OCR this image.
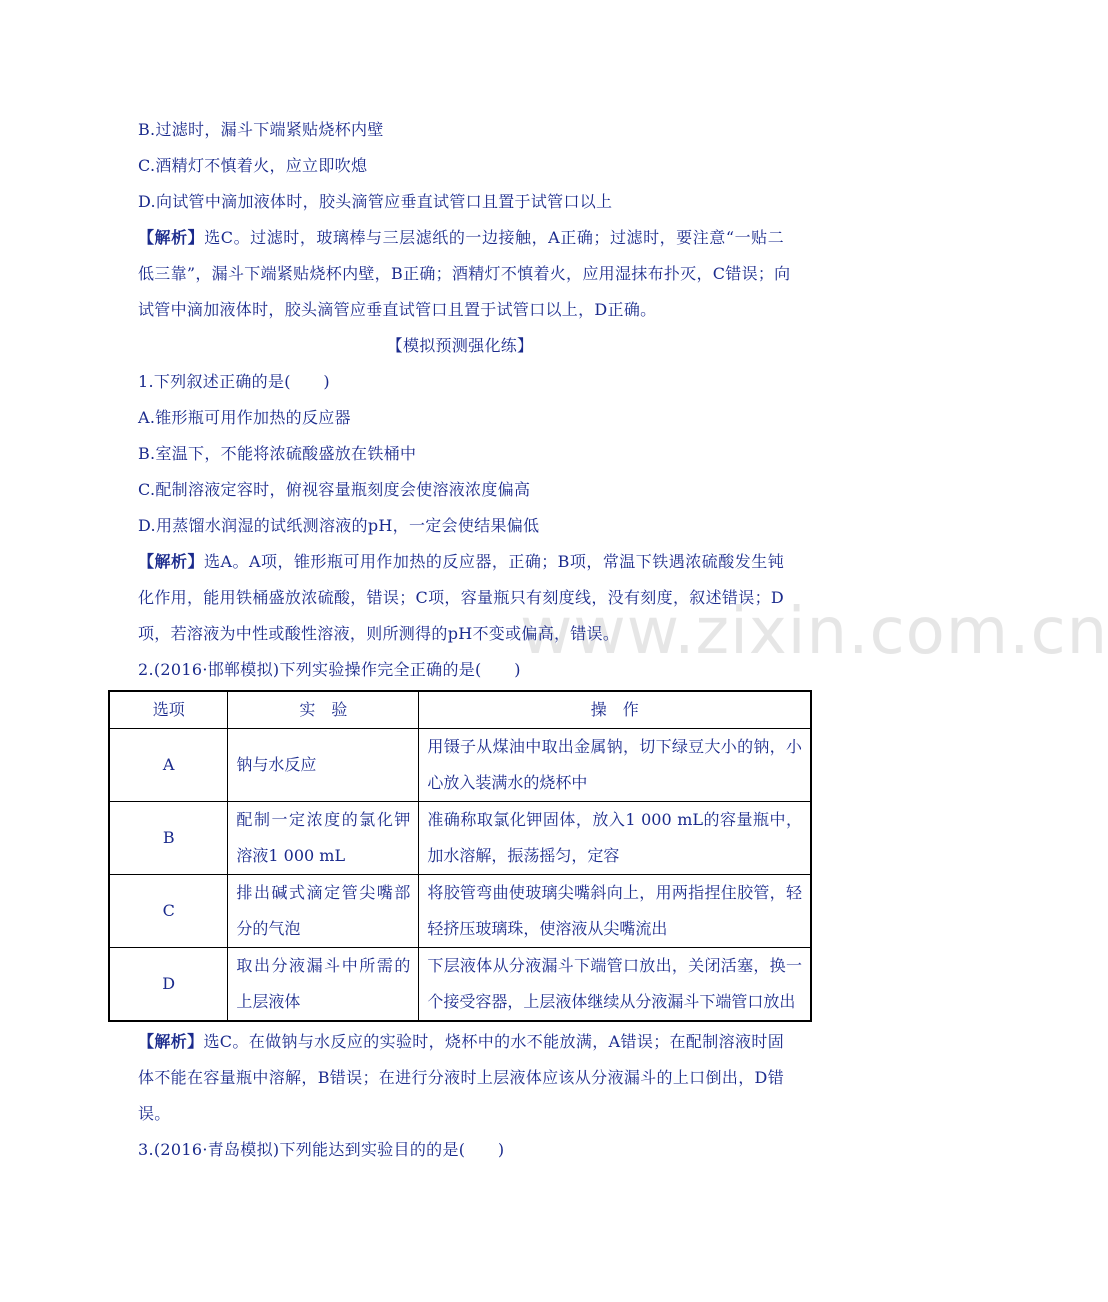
www.zixin.com.cn
B.过滤时，漏斗下端紧贴烧杯内壁
C.酒精灯不慎着火，应立即吹熄
D.向试管中滴加液体时，胶头滴管应垂直试管口且置于试管口以上
【解析】选C。过滤时，玻璃棒与三层滤纸的一边接触，A正确；过滤时，要注意“一贴二
低三靠”，漏斗下端紧贴烧杯内壁，B正确；酒精灯不慎着火，应用湿抹布扑灭，C错误；向
试管中滴加液体时，胶头滴管应垂直试管口且置于试管口以上，D正确。
【模拟预测强化练】
1.下列叙述正确的是(　　)
A.锥形瓶可用作加热的反应器
B.室温下，不能将浓硫酸盛放在铁桶中
C.配制溶液定容时，俯视容量瓶刻度会使溶液浓度偏高
D.用蒸馏水润湿的试纸测溶液的pH，一定会使结果偏低
【解析】选A。A项，锥形瓶可用作加热的反应器，正确；B项，常温下铁遇浓硫酸发生钝
化作用，能用铁桶盛放浓硫酸，错误；C项，容量瓶只有刻度线，没有刻度，叙述错误；D
项，若溶液为中性或酸性溶液，则所测得的pH不变或偏高，错误。
2.(2016·邯郸模拟)下列实验操作完全正确的是(　　)
选项	实　验	操　作
A	钠与水反应	用镊子从煤油中取出金属钠，切下绿豆大小的钠，小心放入装满水的烧杯中
B	配制一定浓度的氯化钾溶液1 000 mL	准确称取氯化钾固体，放入1 000 mL的容量瓶中，加水溶解，振荡摇匀，定容
C	排出碱式滴定管尖嘴部分的气泡	将胶管弯曲使玻璃尖嘴斜向上，用两指捏住胶管，轻轻挤压玻璃珠，使溶液从尖嘴流出
D	取出分液漏斗中所需的上层液体	下层液体从分液漏斗下端管口放出，关闭活塞，换一个接受容器，上层液体继续从分液漏斗下端管口放出
【解析】选C。在做钠与水反应的实验时，烧杯中的水不能放满，A错误；在配制溶液时固
体不能在容量瓶中溶解，B错误；在进行分液时上层液体应该从分液漏斗的上口倒出，D错
误。
3.(2016·青岛模拟)下列能达到实验目的的是(　　)
